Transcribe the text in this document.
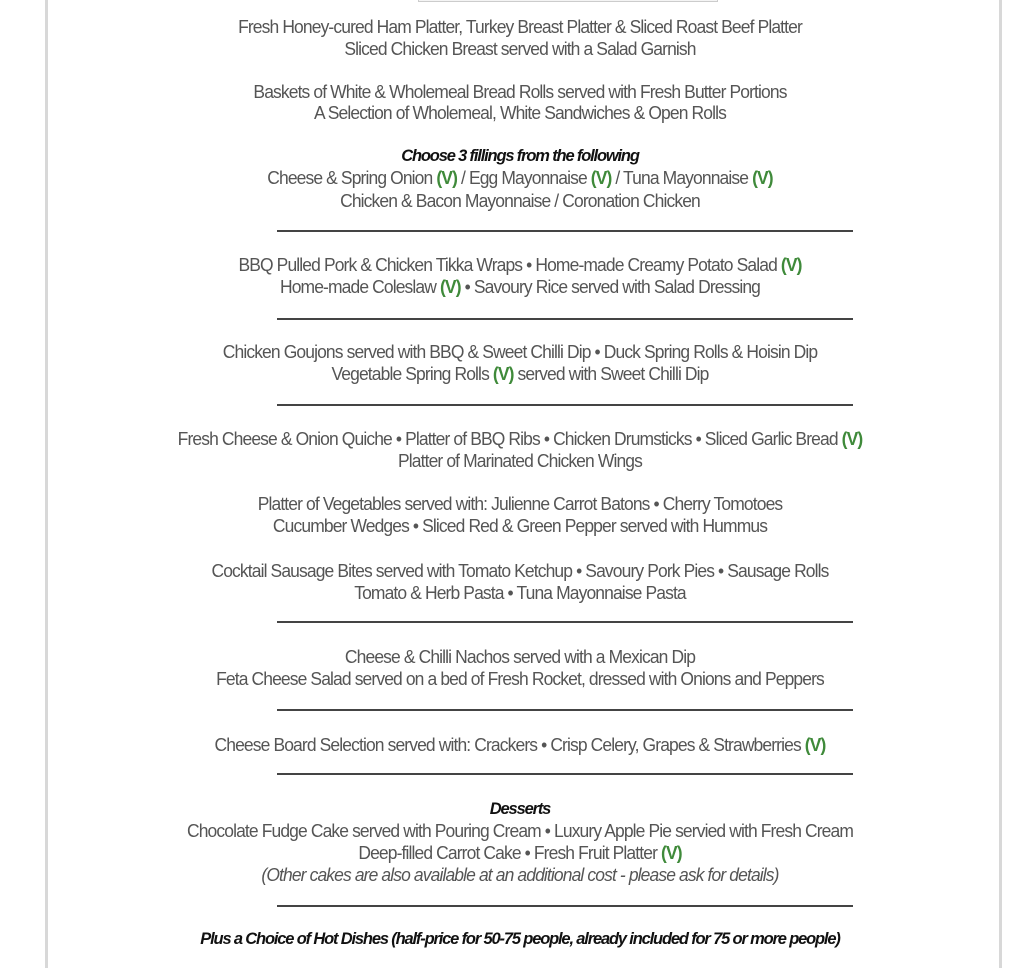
Fresh Honey-cured Ham Platter, Turkey Breast Platter & Sliced Roast Beef Platter
Sliced Chicken Breast served with a Salad Garnish
Baskets of White & Wholemeal Bread Rolls served with Fresh Butter Portions
A Selection of Wholemeal, White Sandwiches & Open Rolls
Choose 3 fillings from the following
Cheese & Spring Onion (V) / Egg Mayonnaise (V) / Tuna Mayonnaise (V)
Chicken & Bacon Mayonnaise / Coronation Chicken
BBQ Pulled Pork & Chicken Tikka Wraps • Home-made Creamy Potato Salad (V)
Home-made Coleslaw (V) • Savoury Rice served with Salad Dressing
Chicken Goujons served with BBQ & Sweet Chilli Dip • Duck Spring Rolls & Hoisin Dip
Vegetable Spring Rolls (V) served with Sweet Chilli Dip
Fresh Cheese & Onion Quiche • Platter of BBQ Ribs • Chicken Drumsticks • Sliced Garlic Bread (V)
Platter of Marinated Chicken Wings
Platter of Vegetables served with: Julienne Carrot Batons • Cherry Tomotoes
Cucumber Wedges • Sliced Red & Green Pepper served with Hummus
Cocktail Sausage Bites served with Tomato Ketchup • Savoury Pork Pies • Sausage Rolls
Tomato & Herb Pasta • Tuna Mayonnaise Pasta
Cheese & Chilli Nachos served with a Mexican Dip
Feta Cheese Salad served on a bed of Fresh Rocket, dressed with Onions and Peppers
Cheese Board Selection served with: Crackers • Crisp Celery, Grapes & Strawberries (V)
Desserts
Chocolate Fudge Cake served with Pouring Cream • Luxury Apple Pie servied with Fresh Cream
Deep-filled Carrot Cake • Fresh Fruit Platter (V)
(Other cakes are also available at an additional cost - please ask for details)
Plus a Choice of Hot Dishes (half-price for 50-75 people, already included for 75 or more people)
